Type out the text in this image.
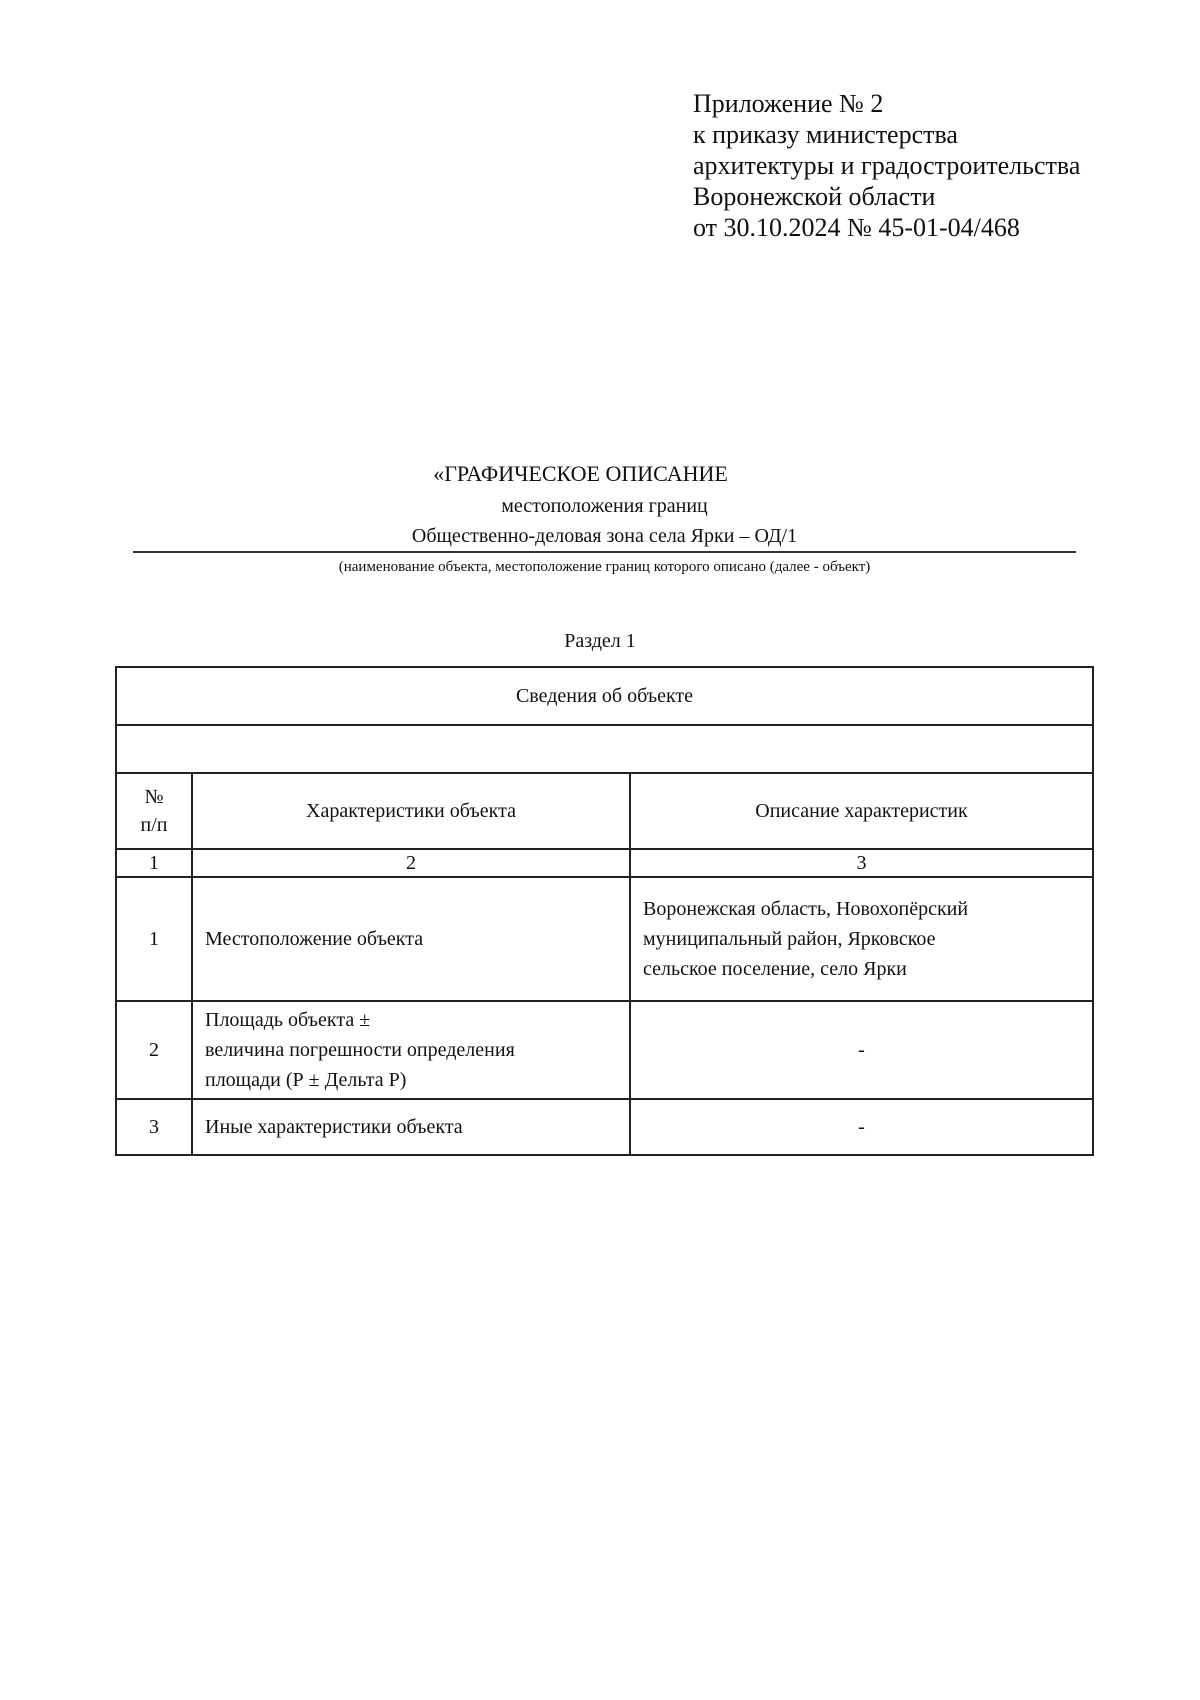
Приложение № 2
к приказу министерства
архитектуры и градостроительства
Воронежской области
от 30.10.2024 № 45-01-04/468
«ГРАФИЧЕСКОЕ ОПИСАНИЕ
местоположения границ
Общественно-деловая зона села Ярки – ОД/1
(наименование объекта, местоположение границ которого описано (далее - объект)
Раздел 1
Сведения об объекте		

№
п/п	Характеристики объекта	Описание характеристик
1	2	3
1	Местоположение объекта	Воронежская область, Новохопёрский
муниципальный район, Ярковское
сельское поселение, село Ярки

2	Площадь объекта ±
величина погрешности определения
площади (Р ± Дельта Р)	-

3	Иные характеристики объекта	-
